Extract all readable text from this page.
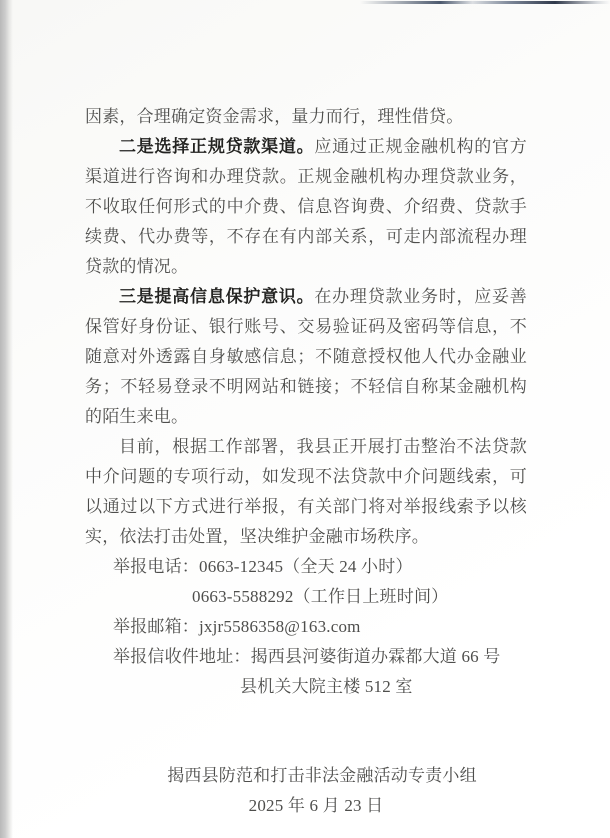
因素，合理确定资金需求，量力而行，理性借贷。

二是选择正规贷款渠道。应通过正规金融机构的官方渠道进行咨询和办理贷款。正规金融机构办理贷款业务，不收取任何形式的中介费、信息咨询费、介绍费、贷款手续费、代办费等，不存在有内部关系，可走内部流程办理贷款的情况。

三是提高信息保护意识。在办理贷款业务时，应妥善保管好身份证、银行账号、交易验证码及密码等信息，不随意对外透露自身敏感信息；不随意授权他人代办金融业务；不轻易登录不明网站和链接；不轻信自称某金融机构的陌生来电。

目前，根据工作部署，我县正开展打击整治不法贷款中介问题的专项行动，如发现不法贷款中介问题线索，可以通过以下方式进行举报，有关部门将对举报线索予以核实，依法打击处置，坚决维护金融市场秩序。

举报电话：0663-12345（全天 24 小时）
0663-5588292（工作日上班时间）
举报邮箱：jxjr5586358@163.com
举报信收件地址：揭西县河婆街道办霖都大道 66 号
县机关大院主楼 512 室
揭西县防范和打击非法金融活动专责小组
2025 年 6 月 23 日
